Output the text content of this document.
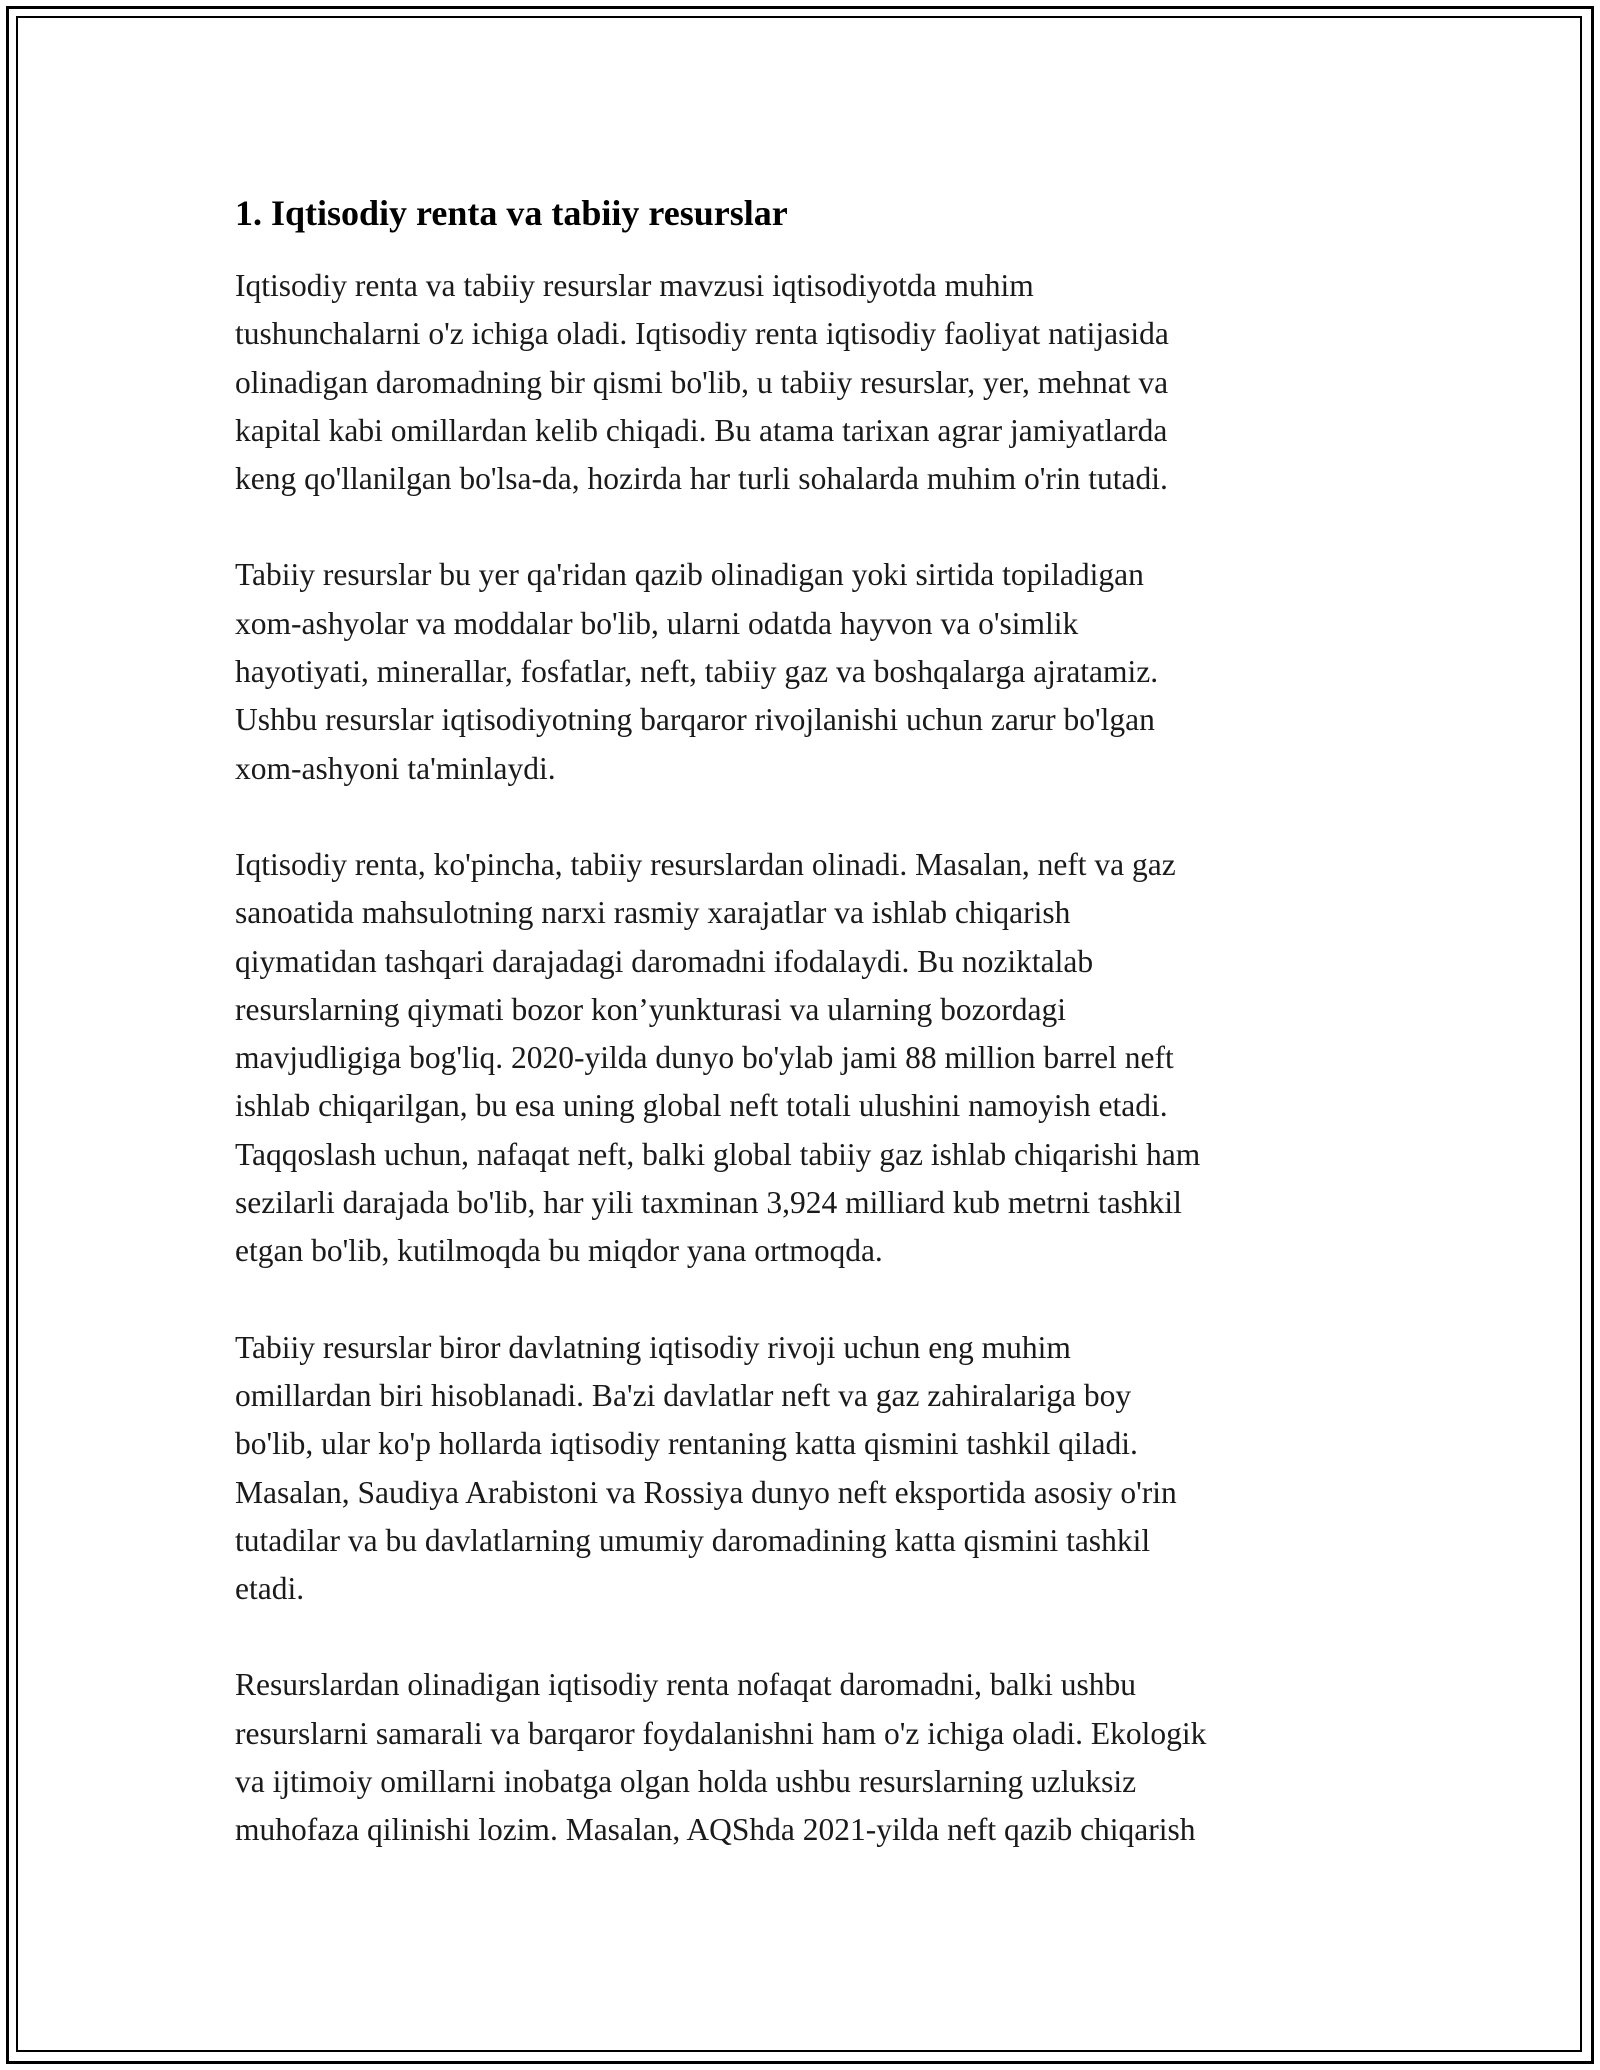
1. Iqtisodiy renta va tabiiy resurslar
Iqtisodiy renta va tabiiy resurslar mavzusi iqtisodiyotda muhim
tushunchalarni o'z ichiga oladi. Iqtisodiy renta iqtisodiy faoliyat natijasida
olinadigan daromadning bir qismi bo'lib, u tabiiy resurslar, yer, mehnat va
kapital kabi omillardan kelib chiqadi. Bu atama tarixan agrar jamiyatlarda
keng qo'llanilgan bo'lsa-da, hozirda har turli sohalarda muhim o'rin tutadi.
Tabiiy resurslar bu yer qa'ridan qazib olinadigan yoki sirtida topiladigan
xom-ashyolar va moddalar bo'lib, ularni odatda hayvon va o'simlik
hayotiyati, minerallar, fosfatlar, neft, tabiiy gaz va boshqalarga ajratamiz.
Ushbu resurslar iqtisodiyotning barqaror rivojlanishi uchun zarur bo'lgan
xom-ashyoni ta'minlaydi.
Iqtisodiy renta, ko'pincha, tabiiy resurslardan olinadi. Masalan, neft va gaz
sanoatida mahsulotning narxi rasmiy xarajatlar va ishlab chiqarish
qiymatidan tashqari darajadagi daromadni ifodalaydi. Bu noziktalab
resurslarning qiymati bozor kon’yunkturasi va ularning bozordagi
mavjudligiga bog'liq. 2020-yilda dunyo bo'ylab jami 88 million barrel neft
ishlab chiqarilgan, bu esa uning global neft totali ulushini namoyish etadi.
Taqqoslash uchun, nafaqat neft, balki global tabiiy gaz ishlab chiqarishi ham
sezilarli darajada bo'lib, har yili taxminan 3,924 milliard kub metrni tashkil
etgan bo'lib, kutilmoqda bu miqdor yana ortmoqda.
Tabiiy resurslar biror davlatning iqtisodiy rivoji uchun eng muhim
omillardan biri hisoblanadi. Ba'zi davlatlar neft va gaz zahiralariga boy
bo'lib, ular ko'p hollarda iqtisodiy rentaning katta qismini tashkil qiladi.
Masalan, Saudiya Arabistoni va Rossiya dunyo neft eksportida asosiy o'rin
tutadilar va bu davlatlarning umumiy daromadining katta qismini tashkil
etadi.
Resurslardan olinadigan iqtisodiy renta nofaqat daromadni, balki ushbu
resurslarni samarali va barqaror foydalanishni ham o'z ichiga oladi. Ekologik
va ijtimoiy omillarni inobatga olgan holda ushbu resurslarning uzluksiz
muhofaza qilinishi lozim. Masalan, AQShda 2021-yilda neft qazib chiqarish
